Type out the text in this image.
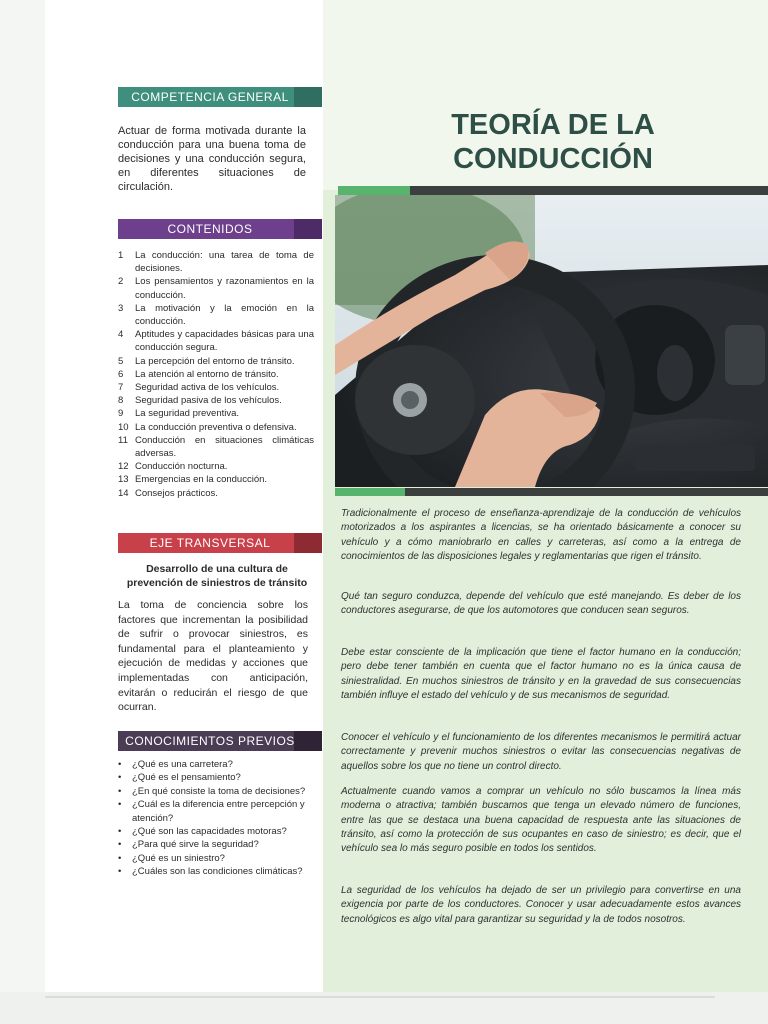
COMPETENCIA GENERAL
Actuar de forma motivada durante la conducción para una buena toma de decisiones y una conducción segura, en diferentes situaciones de circulación.
CONTENIDOS
1 La conducción: una tarea de toma de decisiones.
2 Los pensamientos y razonamientos en la conducción.
3 La motivación y la emoción en la conducción.
4 Aptitudes y capacidades básicas para una conducción segura.
5 La percepción del entorno de tránsito.
6 La atención al entorno de tránsito.
7 Seguridad activa de los vehículos.
8 Seguridad pasiva de los vehículos.
9 La seguridad preventiva.
10 La conducción preventiva o defensiva.
11 Conducción en situaciones climáticas adversas.
12 Conducción nocturna.
13 Emergencias en la conducción.
14 Consejos prácticos.
EJE TRANSVERSAL
Desarrollo de una cultura de prevención de siniestros de tránsito
La toma de conciencia sobre los factores que incrementan la posibilidad de sufrir o provocar siniestros, es fundamental para el planteamiento y ejecución de medidas y acciones que implementadas con anticipación, evitarán o reducirán el riesgo de que ocurran.
CONOCIMIENTOS PREVIOS
• ¿Qué es una carretera?
• ¿Qué es el pensamiento?
• ¿En qué consiste la toma de decisiones?
• ¿Cuál es la diferencia entre percepción y atención?
• ¿Qué son las capacidades motoras?
• ¿Para qué sirve la seguridad?
• ¿Qué es un siniestro?
• ¿Cuáles son las condiciones climáticas?
TEORÍA DE LA
CONDUCCIÓN

Tradicionalmente el proceso de enseñanza-aprendizaje de la conducción de vehículos motorizados a los aspirantes a licencias, se ha orientado básicamente a conocer su vehículo y a cómo maniobrarlo en calles y carreteras, así como a la entrega de conocimientos de las disposiciones legales y reglamentarias que rigen el tránsito.

Qué tan seguro conduzca, depende del vehículo que esté manejando. Es deber de los conductores asegurarse, de que los automotores que conducen sean seguros.

Debe estar consciente de la implicación que tiene el factor humano en la conducción; pero debe tener también en cuenta que el factor humano no es la única causa de siniestralidad. En muchos siniestros de tránsito y en la gravedad de sus consecuencias también influye el estado del vehículo y de sus mecanismos de seguridad.

Conocer el vehículo y el funcionamiento de los diferentes mecanismos le permitirá actuar correctamente y prevenir muchos siniestros o evitar las consecuencias negativas de aquellos sobre los que no tiene un control directo.

Actualmente cuando vamos a comprar un vehículo no sólo buscamos la línea más moderna o atractiva; también buscamos que tenga un elevado número de funciones, entre las que se destaca una buena capacidad de respuesta ante las situaciones de tránsito, así como la protección de sus ocupantes en caso de siniestro; es decir, que el vehículo sea lo más seguro posible en todos los sentidos.

La seguridad de los vehículos ha dejado de ser un privilegio para convertirse en una exigencia por parte de los conductores. Conocer y usar adecuadamente estos avances tecnológicos es algo vital para garantizar su seguridad y la de todos nosotros.
